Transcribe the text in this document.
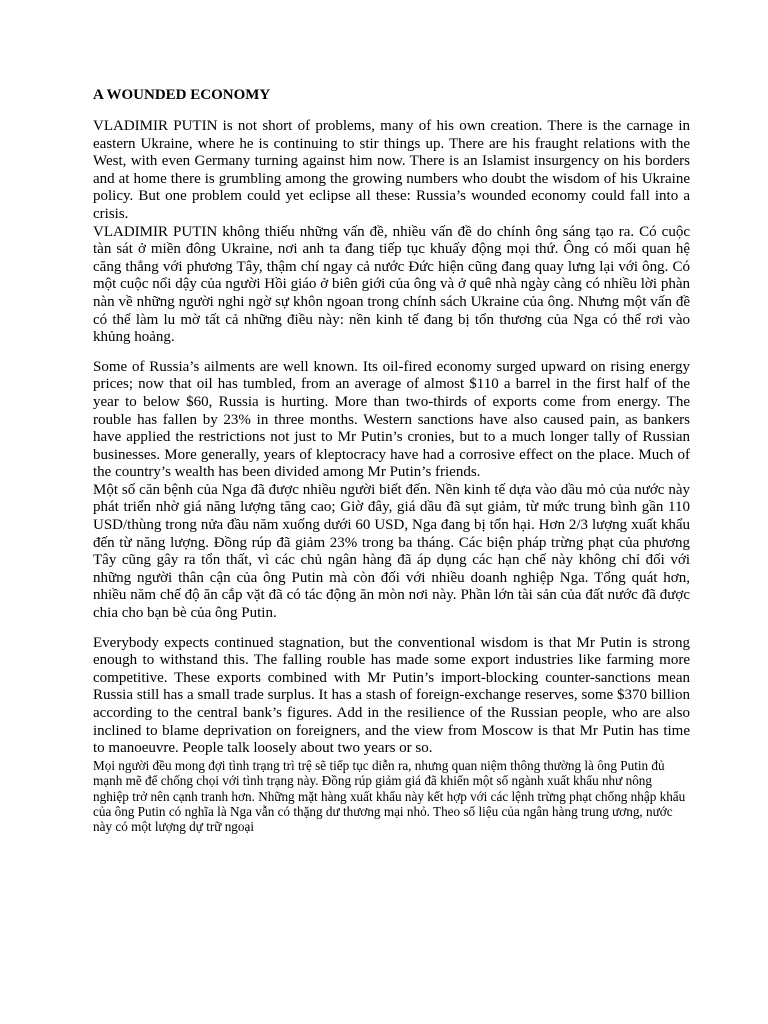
A WOUNDED ECONOMY

VLADIMIR PUTIN is not short of problems, many of his own creation. There is the carnage in eastern Ukraine, where he is continuing to stir things up. There are his fraught relations with the West, with even Germany turning against him now. There is an Islamist insurgency on his borders and at home there is grumbling among the growing numbers who doubt the wisdom of his Ukraine policy. But one problem could yet eclipse all these: Russia’s wounded economy could fall into a crisis.

VLADIMIR PUTIN không thiếu những vấn đề, nhiều vấn đề do chính ông sáng tạo ra. Có cuộc tàn sát ở miền đông Ukraine, nơi anh ta đang tiếp tục khuấy động mọi thứ. Ông có mối quan hệ căng thẳng với phương Tây, thậm chí ngay cả nước Đức hiện cũng đang quay lưng lại với ông. Có một cuộc nổi dậy của người Hồi giáo ở biên giới của ông và ở quê nhà ngày càng có nhiều lời phàn nàn về những người nghi ngờ sự khôn ngoan trong chính sách Ukraine của ông. Nhưng một vấn đề có thể làm lu mờ tất cả những điều này: nền kinh tế đang bị tổn thương của Nga có thể rơi vào khủng hoảng.

Some of Russia’s ailments are well known. Its oil-fired economy surged upward on rising energy prices; now that oil has tumbled, from an average of almost $110 a barrel in the first half of the year to below $60, Russia is hurting. More than two-thirds of exports come from energy. The rouble has fallen by 23% in three months. Western sanctions have also caused pain, as bankers have applied the restrictions not just to Mr Putin’s cronies, but to a much longer tally of Russian businesses. More generally, years of kleptocracy have had a corrosive effect on the place. Much of the country’s wealth has been divided among Mr Putin’s friends.

Một số căn bệnh của Nga đã được nhiều người biết đến. Nền kinh tế dựa vào dầu mỏ của nước này phát triển nhờ giá năng lượng tăng cao; Giờ đây, giá dầu đã sụt giảm, từ mức trung bình gần 110 USD/thùng trong nửa đầu năm xuống dưới 60 USD, Nga đang bị tổn hại. Hơn 2/3 lượng xuất khẩu đến từ năng lượng. Đồng rúp đã giảm 23% trong ba tháng. Các biện pháp trừng phạt của phương Tây cũng gây ra tổn thất, vì các chủ ngân hàng đã áp dụng các hạn chế này không chỉ đối với những người thân cận của ông Putin mà còn đối với nhiều doanh nghiệp Nga. Tổng quát hơn, nhiều năm chế độ ăn cắp vặt đã có tác động ăn mòn nơi này. Phần lớn tài sản của đất nước đã được chia cho bạn bè của ông Putin.

Everybody expects continued stagnation, but the conventional wisdom is that Mr Putin is strong enough to withstand this. The falling rouble has made some export industries like farming more competitive. These exports combined with Mr Putin’s import-blocking counter-sanctions mean Russia still has a small trade surplus. It has a stash of foreign-exchange reserves, some $370 billion according to the central bank’s figures. Add in the resilience of the Russian people, who are also inclined to blame deprivation on foreigners, and the view from Moscow is that Mr Putin has time to manoeuvre. People talk loosely about two years or so.

Mọi người đều mong đợi tình trạng trì trệ sẽ tiếp tục diễn ra, nhưng quan niệm thông thường là ông Putin đủ mạnh mẽ để chống chọi với tình trạng này. Đồng rúp giảm giá đã khiến một số ngành xuất khẩu như nông nghiệp trở nên cạnh tranh hơn. Những mặt hàng xuất khẩu này kết hợp với các lệnh trừng phạt chống nhập khẩu của ông Putin có nghĩa là Nga vẫn có thặng dư thương mại nhỏ. Theo số liệu của ngân hàng trung ương, nước này có một lượng dự trữ ngoại
